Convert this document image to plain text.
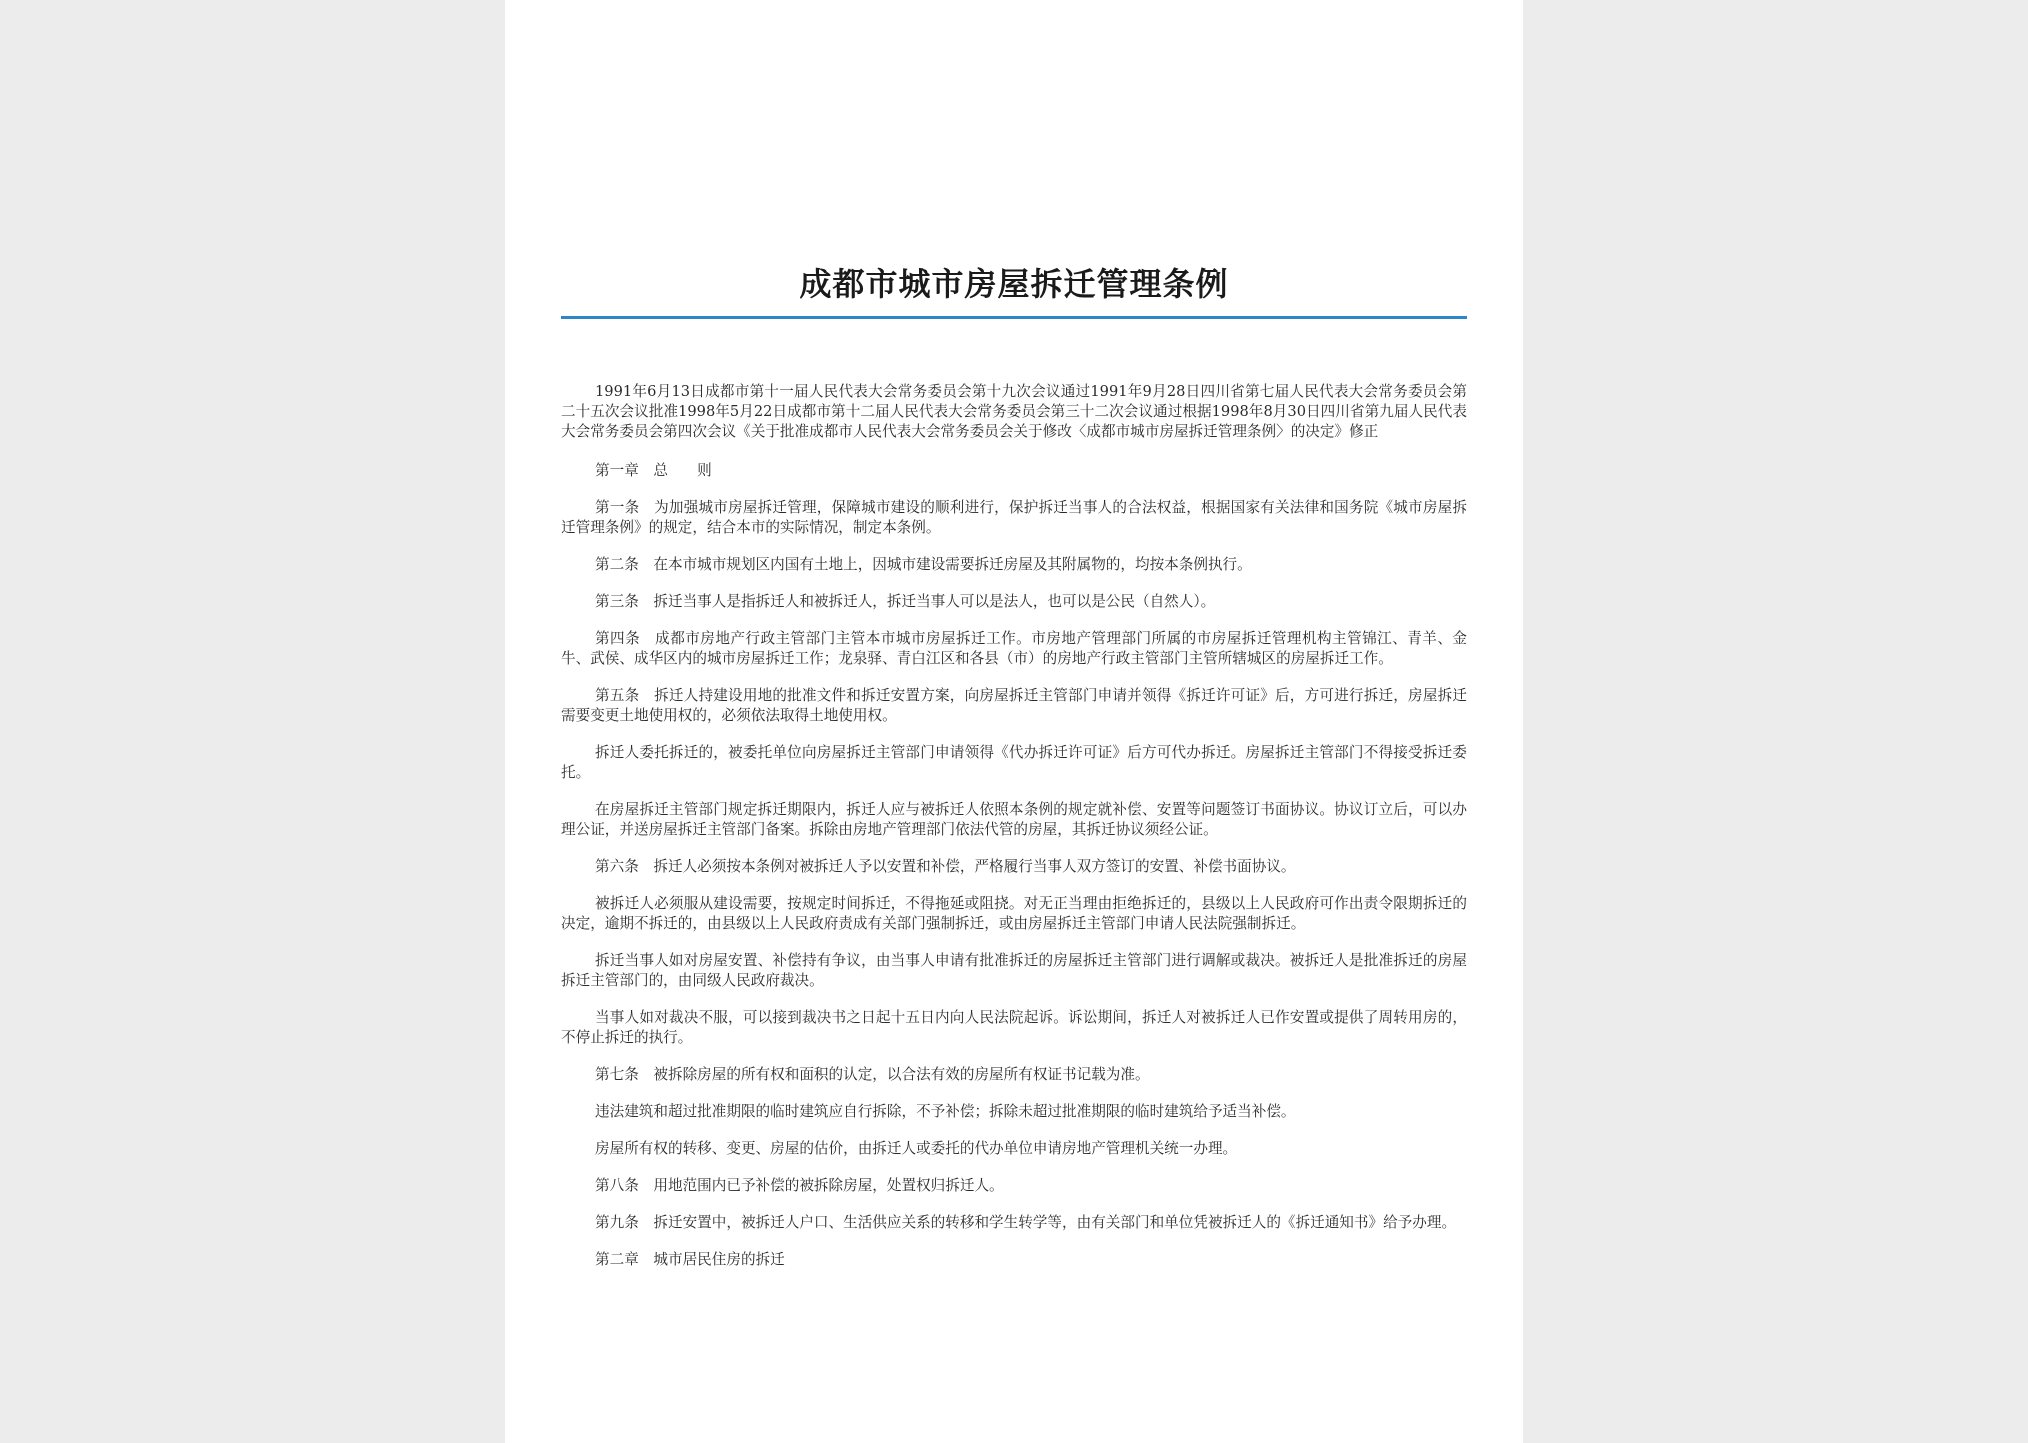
成都市城市房屋拆迁管理条例

1991年6月13日成都市第十一届人民代表大会常务委员会第十九次会议通过1991年9月28日四川省第七届人民代表大会常务委员会第二十五次会议批准1998年5月22日成都市第十二届人民代表大会常务委员会第三十二次会议通过根据1998年8月30日四川省第九届人民代表大会常务委员会第四次会议《关于批准成都市人民代表大会常务委员会关于修改〈成都市城市房屋拆迁管理条例〉的决定》修正

第一章　总　　则

第一条　为加强城市房屋拆迁管理，保障城市建设的顺利进行，保护拆迁当事人的合法权益，根据国家有关法律和国务院《城市房屋拆迁管理条例》的规定，结合本市的实际情况，制定本条例。

第二条　在本市城市规划区内国有土地上，因城市建设需要拆迁房屋及其附属物的，均按本条例执行。

第三条　拆迁当事人是指拆迁人和被拆迁人，拆迁当事人可以是法人，也可以是公民（自然人）。

第四条　成都市房地产行政主管部门主管本市城市房屋拆迁工作。市房地产管理部门所属的市房屋拆迁管理机构主管锦江、青羊、金牛、武侯、成华区内的城市房屋拆迁工作；龙泉驿、青白江区和各县（市）的房地产行政主管部门主管所辖城区的房屋拆迁工作。

第五条　拆迁人持建设用地的批准文件和拆迁安置方案，向房屋拆迁主管部门申请并领得《拆迁许可证》后，方可进行拆迁，房屋拆迁需要变更土地使用权的，必须依法取得土地使用权。

拆迁人委托拆迁的，被委托单位向房屋拆迁主管部门申请领得《代办拆迁许可证》后方可代办拆迁。房屋拆迁主管部门不得接受拆迁委托。

在房屋拆迁主管部门规定拆迁期限内，拆迁人应与被拆迁人依照本条例的规定就补偿、安置等问题签订书面协议。协议订立后，可以办理公证，并送房屋拆迁主管部门备案。拆除由房地产管理部门依法代管的房屋，其拆迁协议须经公证。

第六条　拆迁人必须按本条例对被拆迁人予以安置和补偿，严格履行当事人双方签订的安置、补偿书面协议。

被拆迁人必须服从建设需要，按规定时间拆迁，不得拖延或阻挠。对无正当理由拒绝拆迁的，县级以上人民政府可作出责令限期拆迁的决定，逾期不拆迁的，由县级以上人民政府责成有关部门强制拆迁，或由房屋拆迁主管部门申请人民法院强制拆迁。

拆迁当事人如对房屋安置、补偿持有争议，由当事人申请有批准拆迁的房屋拆迁主管部门进行调解或裁决。被拆迁人是批准拆迁的房屋拆迁主管部门的，由同级人民政府裁决。

当事人如对裁决不服，可以接到裁决书之日起十五日内向人民法院起诉。诉讼期间，拆迁人对被拆迁人已作安置或提供了周转用房的，不停止拆迁的执行。

第七条　被拆除房屋的所有权和面积的认定，以合法有效的房屋所有权证书记载为准。

违法建筑和超过批准期限的临时建筑应自行拆除，不予补偿；拆除未超过批准期限的临时建筑给予适当补偿。

房屋所有权的转移、变更、房屋的估价，由拆迁人或委托的代办单位申请房地产管理机关统一办理。

第八条　用地范围内已予补偿的被拆除房屋，处置权归拆迁人。

第九条　拆迁安置中，被拆迁人户口、生活供应关系的转移和学生转学等，由有关部门和单位凭被拆迁人的《拆迁通知书》给予办理。

第二章　城市居民住房的拆迁
